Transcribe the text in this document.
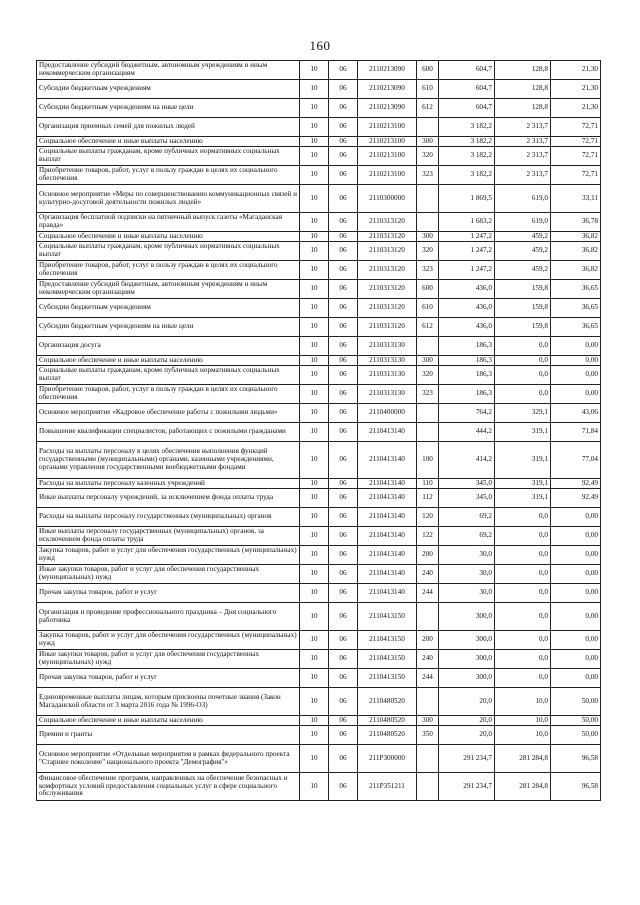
160
Предоставление субсидий бюджетным, автономным учреждениям и иным некоммерческим организациям	10	06	2110213090	600	604,7	128,8	21,30
Субсидии бюджетным учреждениям	10	06	2110213090	610	604,7	128,8	21,30
Субсидии бюджетным учреждениям на иные цели	10	06	2110213090	612	604,7	128,8	21,30
Организация приемных семей для пожилых людей	10	06	2110213100		3 182,2	2 313,7	72,71
Социальное обеспечение и иные выплаты населению	10	06	2110213100	300	3 182,2	2 313,7	72,71
Социальные выплаты гражданам, кроме публичных нормативных социальных выплат	10	06	2110213100	320	3 182,2	2 313,7	72,71
Приобретение товаров, работ, услуг в пользу граждан в целях их социального обеспечения	10	06	2110213100	323	3 182,2	2 313,7	72,71
Основное мероприятие «Меры по совершенствованию коммуникационных связей и культурно-досуговой деятельности пожилых людей»	10	06	2110300000		1 869,5	619,0	33,11
Организация бесплатной подписки на пятничный выпуск газеты «Магаданская правда»	10	06	2110313120		1 683,2	619,0	36,78
Социальное обеспечение и иные выплаты населению	10	06	2110313120	300	1 247,2	459,2	36,82
Социальные выплаты гражданам, кроме публичных нормативных социальных выплат	10	06	2110313120	320	1 247,2	459,2	36,82
Приобретение товаров, работ, услуг в пользу граждан в целях их социального обеспечения	10	06	2110313120	323	1 247,2	459,2	36,82
Предоставление субсидий бюджетным, автономным учреждениям и иным некоммерческим организациям	10	06	2110313120	600	436,0	159,8	36,65
Субсидии бюджетным учреждениям	10	06	2110313120	610	436,0	159,8	36,65
Субсидии бюджетным учреждениям на иные цели	10	06	2110313120	612	436,0	159,8	36,65
Организация досуга	10	06	2110313130		186,3	0,0	0,00
Социальное обеспечение и иные выплаты населению	10	06	2110313130	300	186,3	0,0	0,00
Социальные выплаты гражданам, кроме публичных нормативных социальных выплат	10	06	2110313130	320	186,3	0,0	0,00
Приобретение товаров, работ, услуг в пользу граждан в целях их социального обеспечения	10	06	2110313130	323	186,3	0,0	0,00
Основное мероприятие «Кадровое обеспечение работы с пожилыми людьми»	10	06	2110400000		764,2	329,1	43,06
Повышение квалификации специалистов, работающих с пожилыми гражданами	10	06	2110413140		444,2	319,1	71,84
Расходы на выплаты персоналу в целях обеспечения выполнения функций государственными (муниципальными) органами, казенными учреждениями, органами управления государственными внебюджетными фондами	10	06	2110413140	100	414,2	319,1	77,04
Расходы на выплаты персоналу казенных учреждений	10	06	2110413140	110	345,0	319,1	92,49
Иные выплаты персоналу учреждений, за исключением фонда оплаты труда	10	06	2110413140	112	345,0	319,1	92,49
Расходы на выплаты персоналу государственных (муниципальных) органов	10	06	2110413140	120	69,2	0,0	0,00
Иные выплаты персоналу государственных (муниципальных) органов, за исключением фонда оплаты труда	10	06	2110413140	122	69,2	0,0	0,00
Закупка товаров, работ и услуг для обеспечения государственных (муниципальных) нужд	10	06	2110413140	200	30,0	0,0	0,00
Иные закупки товаров, работ и услуг для обеспечения государственных (муниципальных) нужд	10	06	2110413140	240	30,0	0,0	0,00
Прочая закупка товаров, работ и услуг	10	06	2110413140	244	30,0	0,0	0,00
Организация и проведение профессионального праздника – Дня социального работника	10	06	2110413150		300,0	0,0	0,00
Закупка товаров, работ и услуг для обеспечения государственных (муниципальных) нужд	10	06	2110413150	200	300,0	0,0	0,00
Иные закупки товаров, работ и услуг для обеспечения государственных (муниципальных) нужд	10	06	2110413150	240	300,0	0,0	0,00
Прочая закупка товаров, работ и услуг	10	06	2110413150	244	300,0	0,0	0,00
Единовременные выплаты лицам, которым присвоены почетные звания (Закон Магаданской области от 3 марта 2016 года № 1996-ОЗ)	10	06	2110480520		20,0	10,0	50,00
Социальное обеспечение и иные выплаты населению	10	06	2110480520	300	20,0	10,0	50,00
Премии и гранты	10	06	2110480520	350	20,0	10,0	50,00
Основное мероприятие «Отдельные мероприятия в рамках федерального проекта "Старшее поколение" национального проекта "Демография"»	10	06	211P300000		291 234,7	281 284,8	96,58
Финансовое обеспечение программ, направленных на обеспечение безопасных и комфортных условий предоставления социальных услуг в сфере социального обслуживания	10	06	211P351211		291 234,7	281 284,8	96,58
